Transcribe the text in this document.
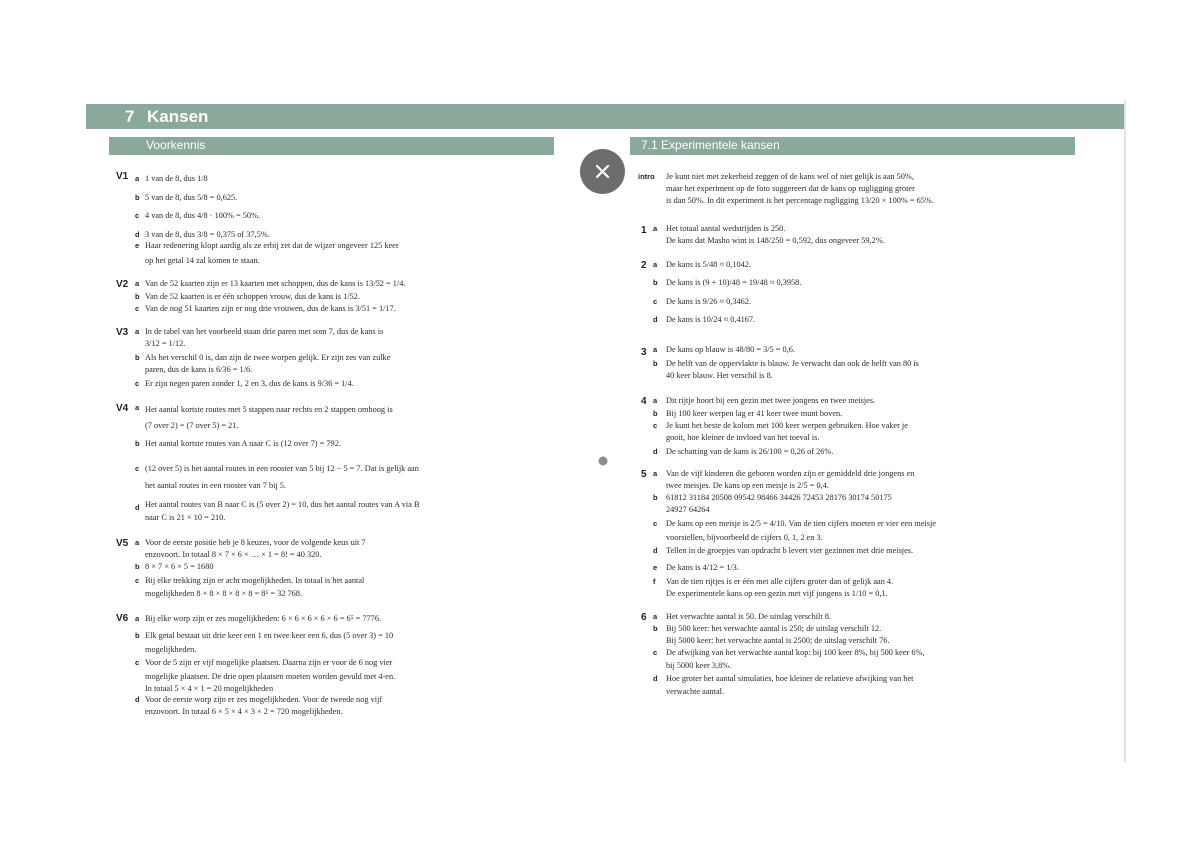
7 Kansen
Voorkennis	7.1 Experimentele kansen
1 van de 8, dus 1/8
5 van de 8, dus 5/8 = 0,625.
4 van de 8, dus 4/8 · 100% = 50%.
3 van de 8, dus 3/8 = 0,375 of 37,5%.
Haar redenering klopt aardig als ze erbij zet dat de wijzer ongeveer 125 keer
op het getal 14 zal komen te staan.
Van de 52 kaarten zijn er 13 kaarten met schoppen, dus de kans is 13/52 = 1/4.
Van de 52 kaarten is er één schoppen vrouw, dus de kans is 1/52.
Van de nog 51 kaarten zijn er nog drie vrouwen, dus de kans is 3/51 = 1/17.
In de tabel van het voorbeeld staan drie paren met som 7, dus de kans is
3/12 = 1/12.
Als het verschil 0 is, dan zijn de twee worpen gelijk. Er zijn zes van zulke
paren, dus de kans is 6/36 = 1/6.
Er zijn negen paren zonder 1, 2 en 3, dus de kans is 9/36 = 1/4.
Het aantal kortste routes met 5 stappen naar rechts en 2 stappen omhoog is
(7 over 2) = (7 over 5) = 21.
Het aantal kortste routes van A naar C is (12 over 7) = 792.
(12 over 5) is het aantal routes in een rooster van 5 bij 12 − 5 = 7. Dat is gelijk aan
het aantal routes in een rooster van 7 bij 5.
Het aantal routes van B naar C is (5 over 2) = 10, dus het aantal routes van A via B
naar C is 21 × 10 = 210.
Voor de eerste positie heb je 8 keuzes, voor de volgende keus uit 7
enzovoort. In totaal 8 × 7 × 6 × … × 1 = 8! = 40 320.
8 × 7 × 6 × 5 = 1680
Bij elke trekking zijn er acht mogelijkheden. In totaal is het aantal
mogelijkheden 8 × 8 × 8 × 8 × 8 = 8⁵ = 32 768.
Bij elke worp zijn er zes mogelijkheden: 6 × 6 × 6 × 6 × 6 = 6⁵ = 7776.
Elk getal bestaat uit drie keer een 1 en twee keer een 6, dus (5 over 3) = 10
mogelijkheden.
Voor de 5 zijn er vijf mogelijke plaatsen. Daarna zijn er voor de 6 nog vier
mogelijke plaatsen. De drie open plaatsen moeten worden gevuld met 4-en.
In totaal 5 × 4 × 1 = 20 mogelijkheden
Voor de eerste worp zijn er zes mogelijkheden. Voor de tweede nog vijf
enzovoort. In totaal 6 × 5 × 4 × 3 × 2 = 720 mogelijkheden.
V1
V2
V3
V4
V5
V6
a
b
c
d
e
a
b
c
a
b
c
a
b
c
d
a
b
c
a
b
c
d
Je kunt niet met zekerheid zeggen of de kans wel of niet gelijk is aan 50%,
maar het experiment op de foto suggereert dat de kans op rugligging groter
is dan 50%. In dit experiment is het percentage rugligging 13/20 × 100% = 65%.
Het totaal aantal wedstrijden is 250.
De kans dat Masho wint is 148/250 = 0,592, dus ongeveer 59,2%.
De kans is 5/48 ≈ 0,1042.
De kans is (9 + 10)/48 = 19/48 ≈ 0,3958.
De kans is 9/26 ≈ 0,3462.
De kans is 10/24 ≈ 0,4167.
De kans op blauw is 48/80 = 3/5 = 0,6.
De helft van de oppervlakte is blauw. Je verwacht dan ook de helft van 80 is
40 keer blauw. Het verschil is 8.
Dit rijtje hoort bij een gezin met twee jongens en twee meisjes.
Bij 100 keer werpen lag er 41 keer twee munt boven.
Je kunt het beste de kolom met 100 keer werpen gebruiken. Hoe vaker je
gooit, hoe kleiner de invloed van het toeval is.
De schatting van de kans is 26/100 = 0,26 of 26%.
Van de vijf kinderen die geboren worden zijn er gemiddeld drie jongens en
twee meisjes. De kans op een meisje is 2/5 = 0,4.
61812 31184 20508 09542 98466 34426 72453 28176 30174 50175
24927 64264
De kans op een meisje is 2/5 = 4/10. Van de tien cijfers moeten er vier een meisje
voorstellen, bijvoorbeeld de cijfers 0, 1, 2 en 3.
Tellen in de groepjes van opdracht b levert vier gezinnen met drie meisjes.
De kans is 4/12 = 1/3.
Van de tien rijtjes is er één met alle cijfers groter dan of gelijk aan 4.
De experimentele kans op een gezin met vijf jongens is 1/10 = 0,1.
Het verwachte aantal is 50. De uitslag verschilt 8.
Bij 500 keer: het verwachte aantal is 250; de uitslag verschilt 12.
Bij 5000 keer: het verwachte aantal is 2500; de uitslag verschilt 76.
De afwijking van het verwachte aantal kop: bij 100 keer 8%, bij 500 keer 6%,
bij 5000 keer 3,8%.
Hoe groter het aantal simulaties, hoe kleiner de relatieve afwijking van het
verwachte aantal.
intro
1
2
3
4
5
6
a
a
b
c
d
a
b
a
b
c
d
a
b
c
d
e
f
a
b
c
d
